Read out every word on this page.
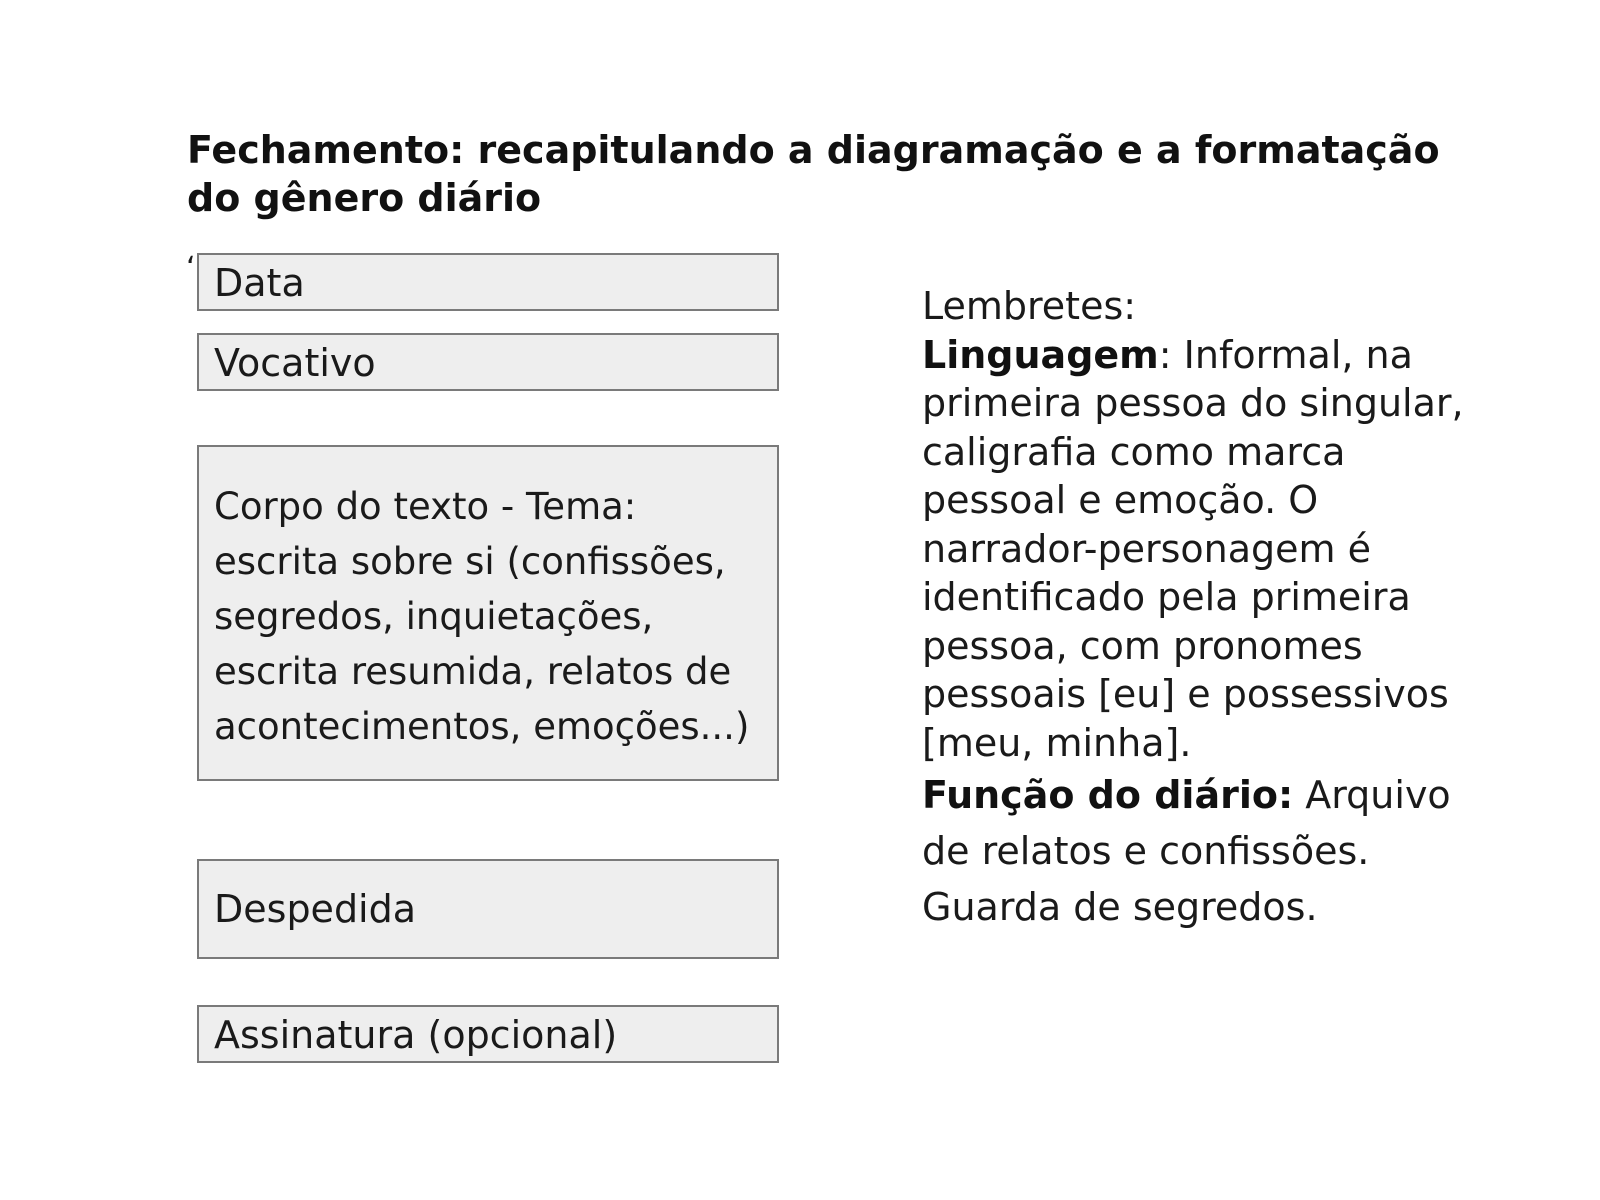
Fechamento: recapitulando a diagramação e a formatação do gênero diário
‘ Data
Vocativo
Corpo do texto - Tema: escrita sobre si (confissões, segredos, inquietações, escrita resumida, relatos de acontecimentos, emoções...)
Despedida
Assinatura (opcional)
Lembretes:
Linguagem: Informal, na primeira pessoa do singular, caligrafia como marca pessoal e emoção. O narrador-personagem é identificado pela primeira pessoa, com pronomes pessoais [eu] e possessivos [meu, minha].
Função do diário: Arquivo de relatos e confissões. Guarda de segredos.
